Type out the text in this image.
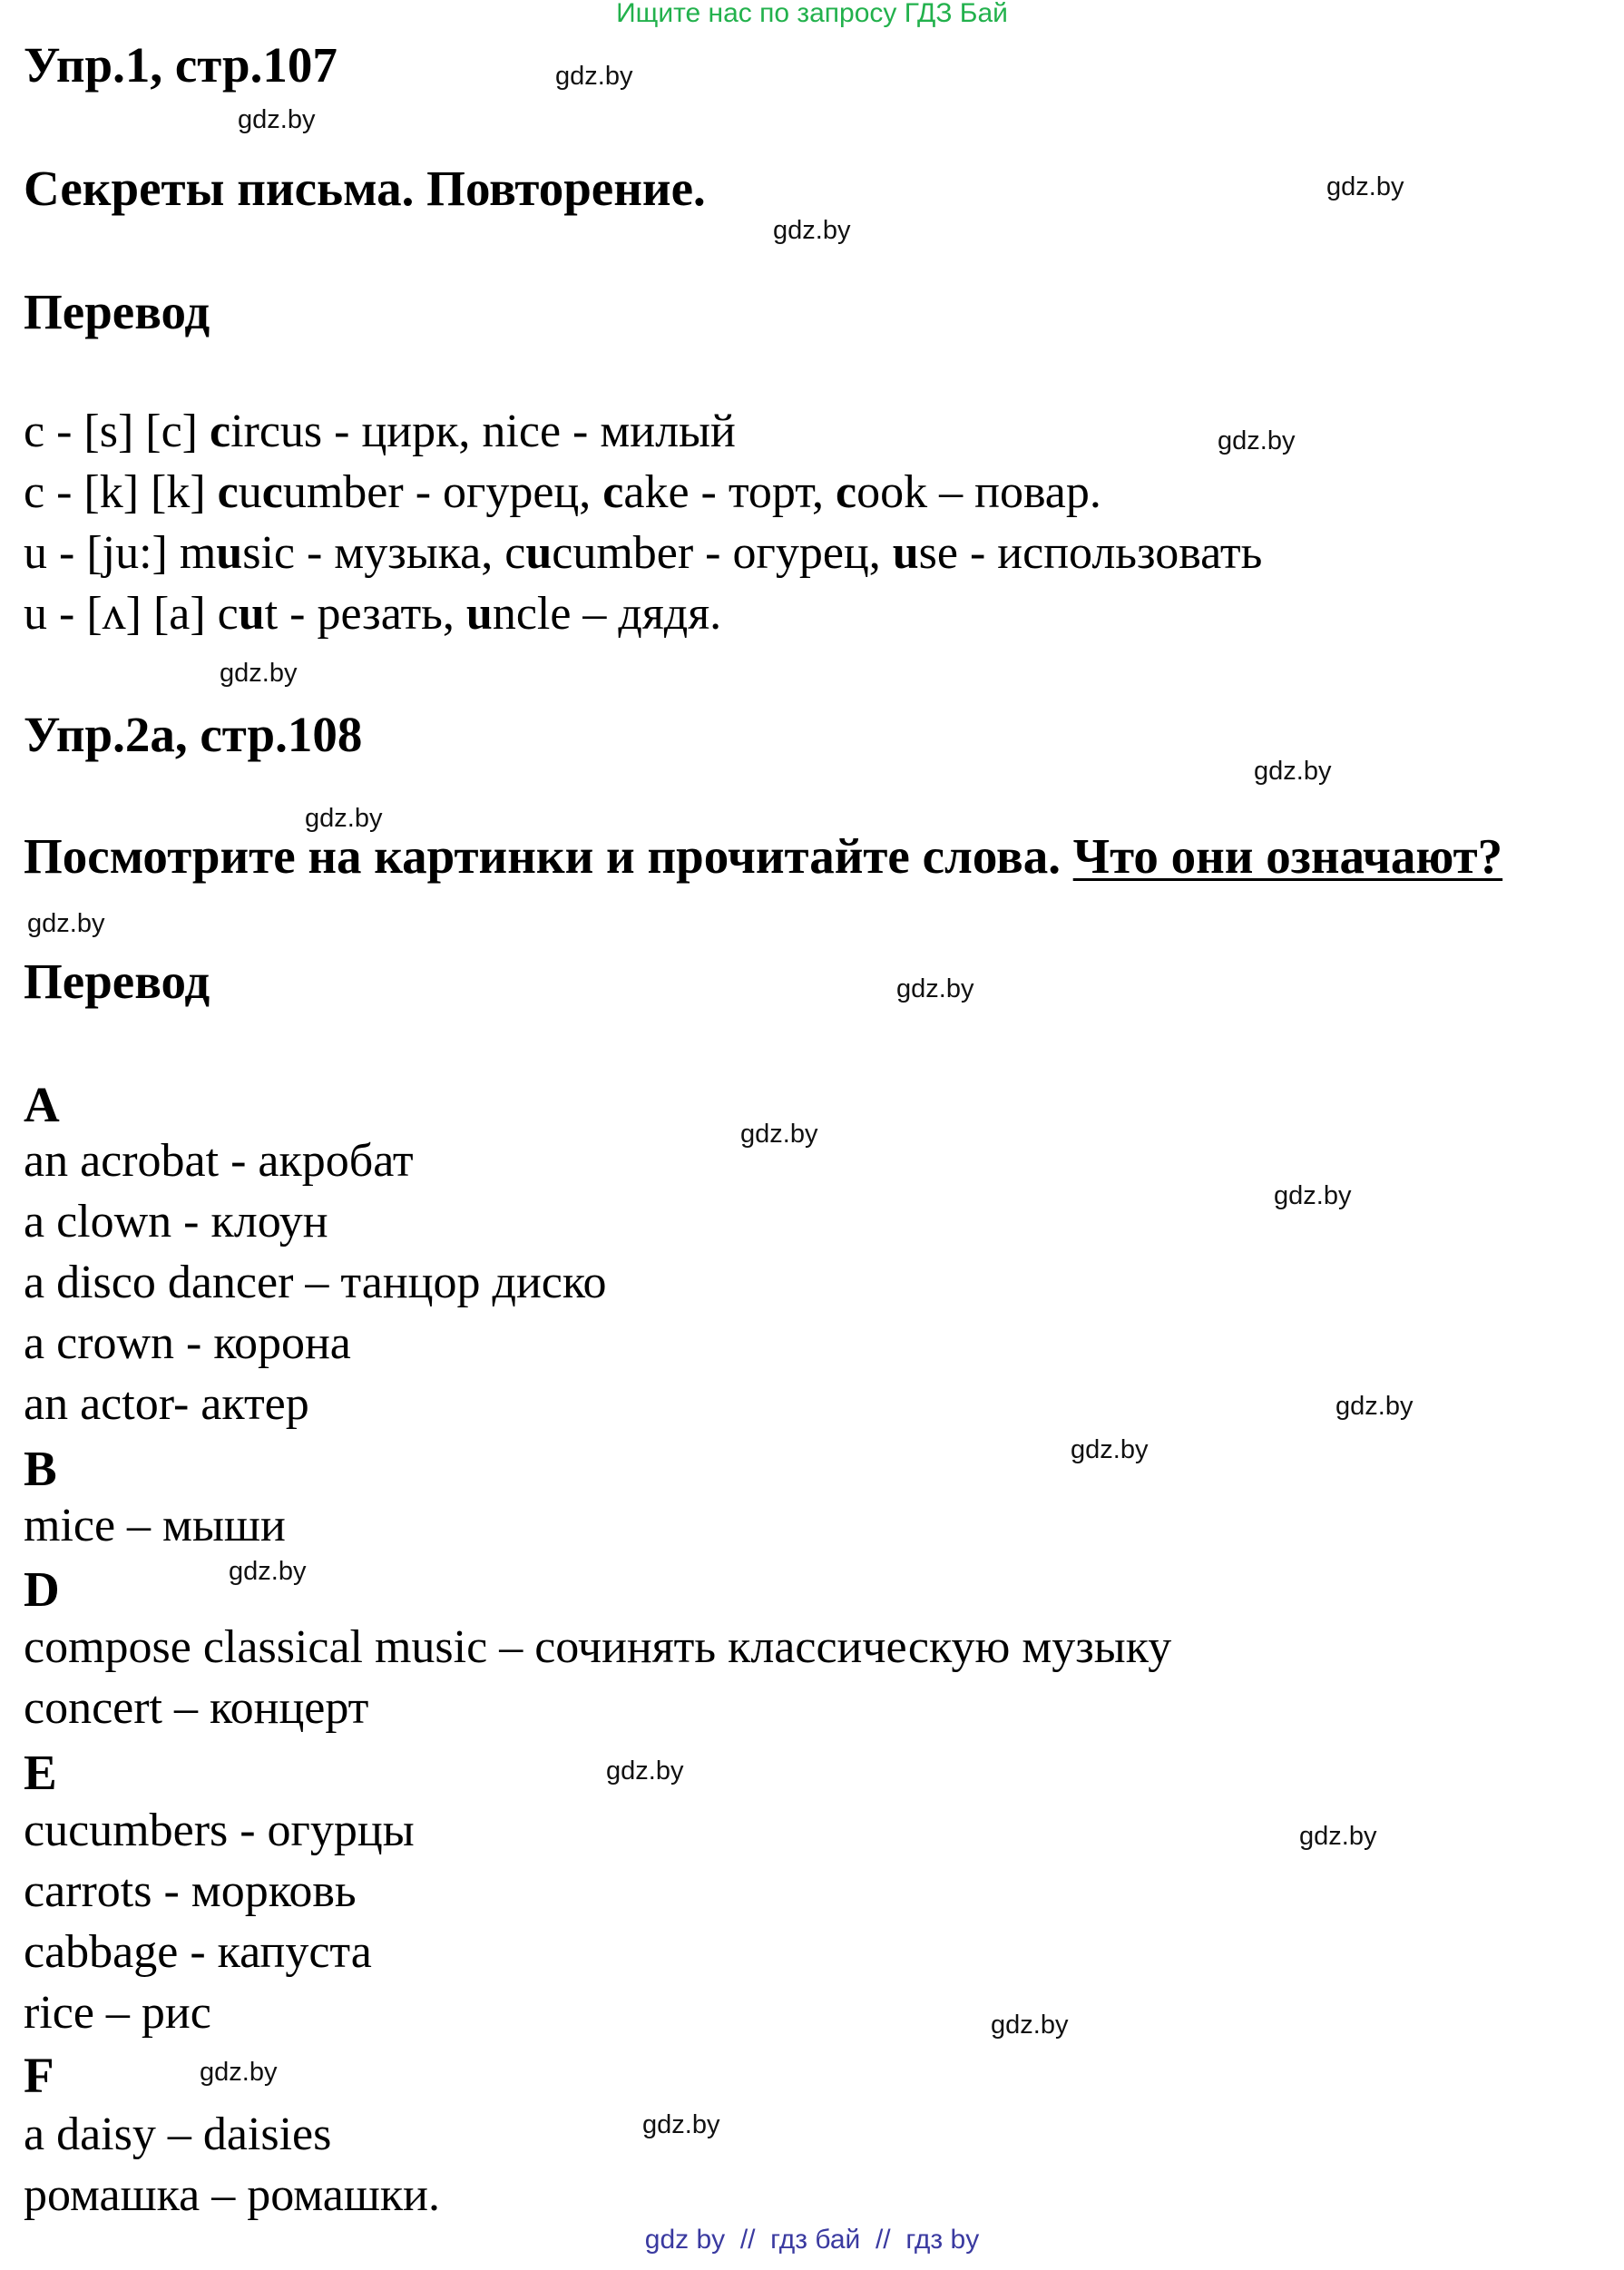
Ищите нас по запросу ГДЗ Бай
Упр.1, стр.107
Секреты письма. Повторение.
Перевод
c - [s] [c] circus - цирк, nice - милый
c - [k] [k] cucumber - огурец, cake - торт, cook – повар.
u - [ju:] music - музыка, cucumber - огурец, use - использовать
u - [ʌ] [a] cut - резать, uncle – дядя.
Упр.2а, стр.108
Посмотрите на картинки и прочитайте слова. Что они означают?
Перевод
A
an acrobat - акробат
a clown - клоун
a disco dancer – танцор диско
a crown - корона
an actor- актер
B
mice – мыши
D
compose classical music – сочинять классическую музыку
concert – концерт
E
cucumbers - огурцы
carrots - морковь
cabbage - капуста
rice – рис
F
a daisy – daisies
ромашка – ромашки.
gdz.by
gdz.by
gdz.by
gdz.by
gdz.by
gdz.by
gdz.by
gdz.by
gdz.by
gdz.by
gdz.by
gdz.by
gdz.by
gdz.by
gdz.by
gdz.by
gdz.by
gdz.by
gdz.by
gdz.by
gdz by  //  гдз бай  //  гдз by
